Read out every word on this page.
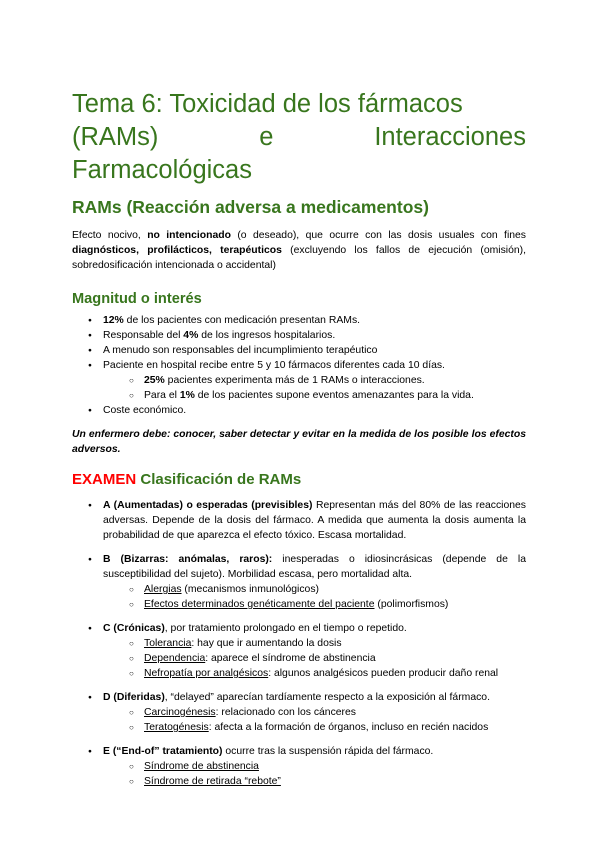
Tema 6: Toxicidad de los fármacos
(RAMs)	e	Interacciones
Farmacológicas
RAMs (Reacción adversa a medicamentos)
Efecto nocivo, no intencionado (o deseado), que ocurre con las dosis usuales con fines diagnósticos, profilácticos, terapéuticos (excluyendo los fallos de ejecución (omisión), sobredosificación intencionada o accidental)
Magnitud o interés
● 12% de los pacientes con medicación presentan RAMs.
● Responsable del 4% de los ingresos hospitalarios.
● A menudo son responsables del incumplimiento terapéutico
● Paciente en hospital recibe entre 5 y 10 fármacos diferentes cada 10 días.
○ 25% pacientes experimenta más de 1 RAMs o interacciones.
○ Para el 1% de los pacientes supone eventos amenazantes para la vida.
● Coste económico.
Un enfermero debe: conocer, saber detectar y evitar en la medida de los posible los efectos adversos.
EXAMEN Clasificación de RAMs
● A (Aumentadas) o esperadas (previsibles) Representan más del 80% de las reacciones adversas. Depende de la dosis del fármaco. A medida que aumenta la dosis aumenta la probabilidad de que aparezca el efecto tóxico. Escasa mortalidad.
● B (Bizarras: anómalas, raros): inesperadas o idiosincrásicas (depende de la susceptibilidad del sujeto). Morbilidad escasa, pero mortalidad alta.
○ Alergias (mecanismos inmunológicos)
○ Efectos determinados genéticamente del paciente (polimorfismos)
● C (Crónicas), por tratamiento prolongado en el tiempo o repetido.
○ Tolerancia: hay que ir aumentando la dosis
○ Dependencia: aparece el síndrome de abstinencia
○ Nefropatía por analgésicos: algunos analgésicos pueden producir daño renal
● D (Diferidas), “delayed” aparecían tardíamente respecto a la exposición al fármaco.
○ Carcinogénesis: relacionado con los cánceres
○ Teratogénesis: afecta a la formación de órganos, incluso en recién nacidos
● E (“End-of” tratamiento) ocurre tras la suspensión rápida del fármaco.
○ Síndrome de abstinencia
○ Síndrome de retirada “rebote”
